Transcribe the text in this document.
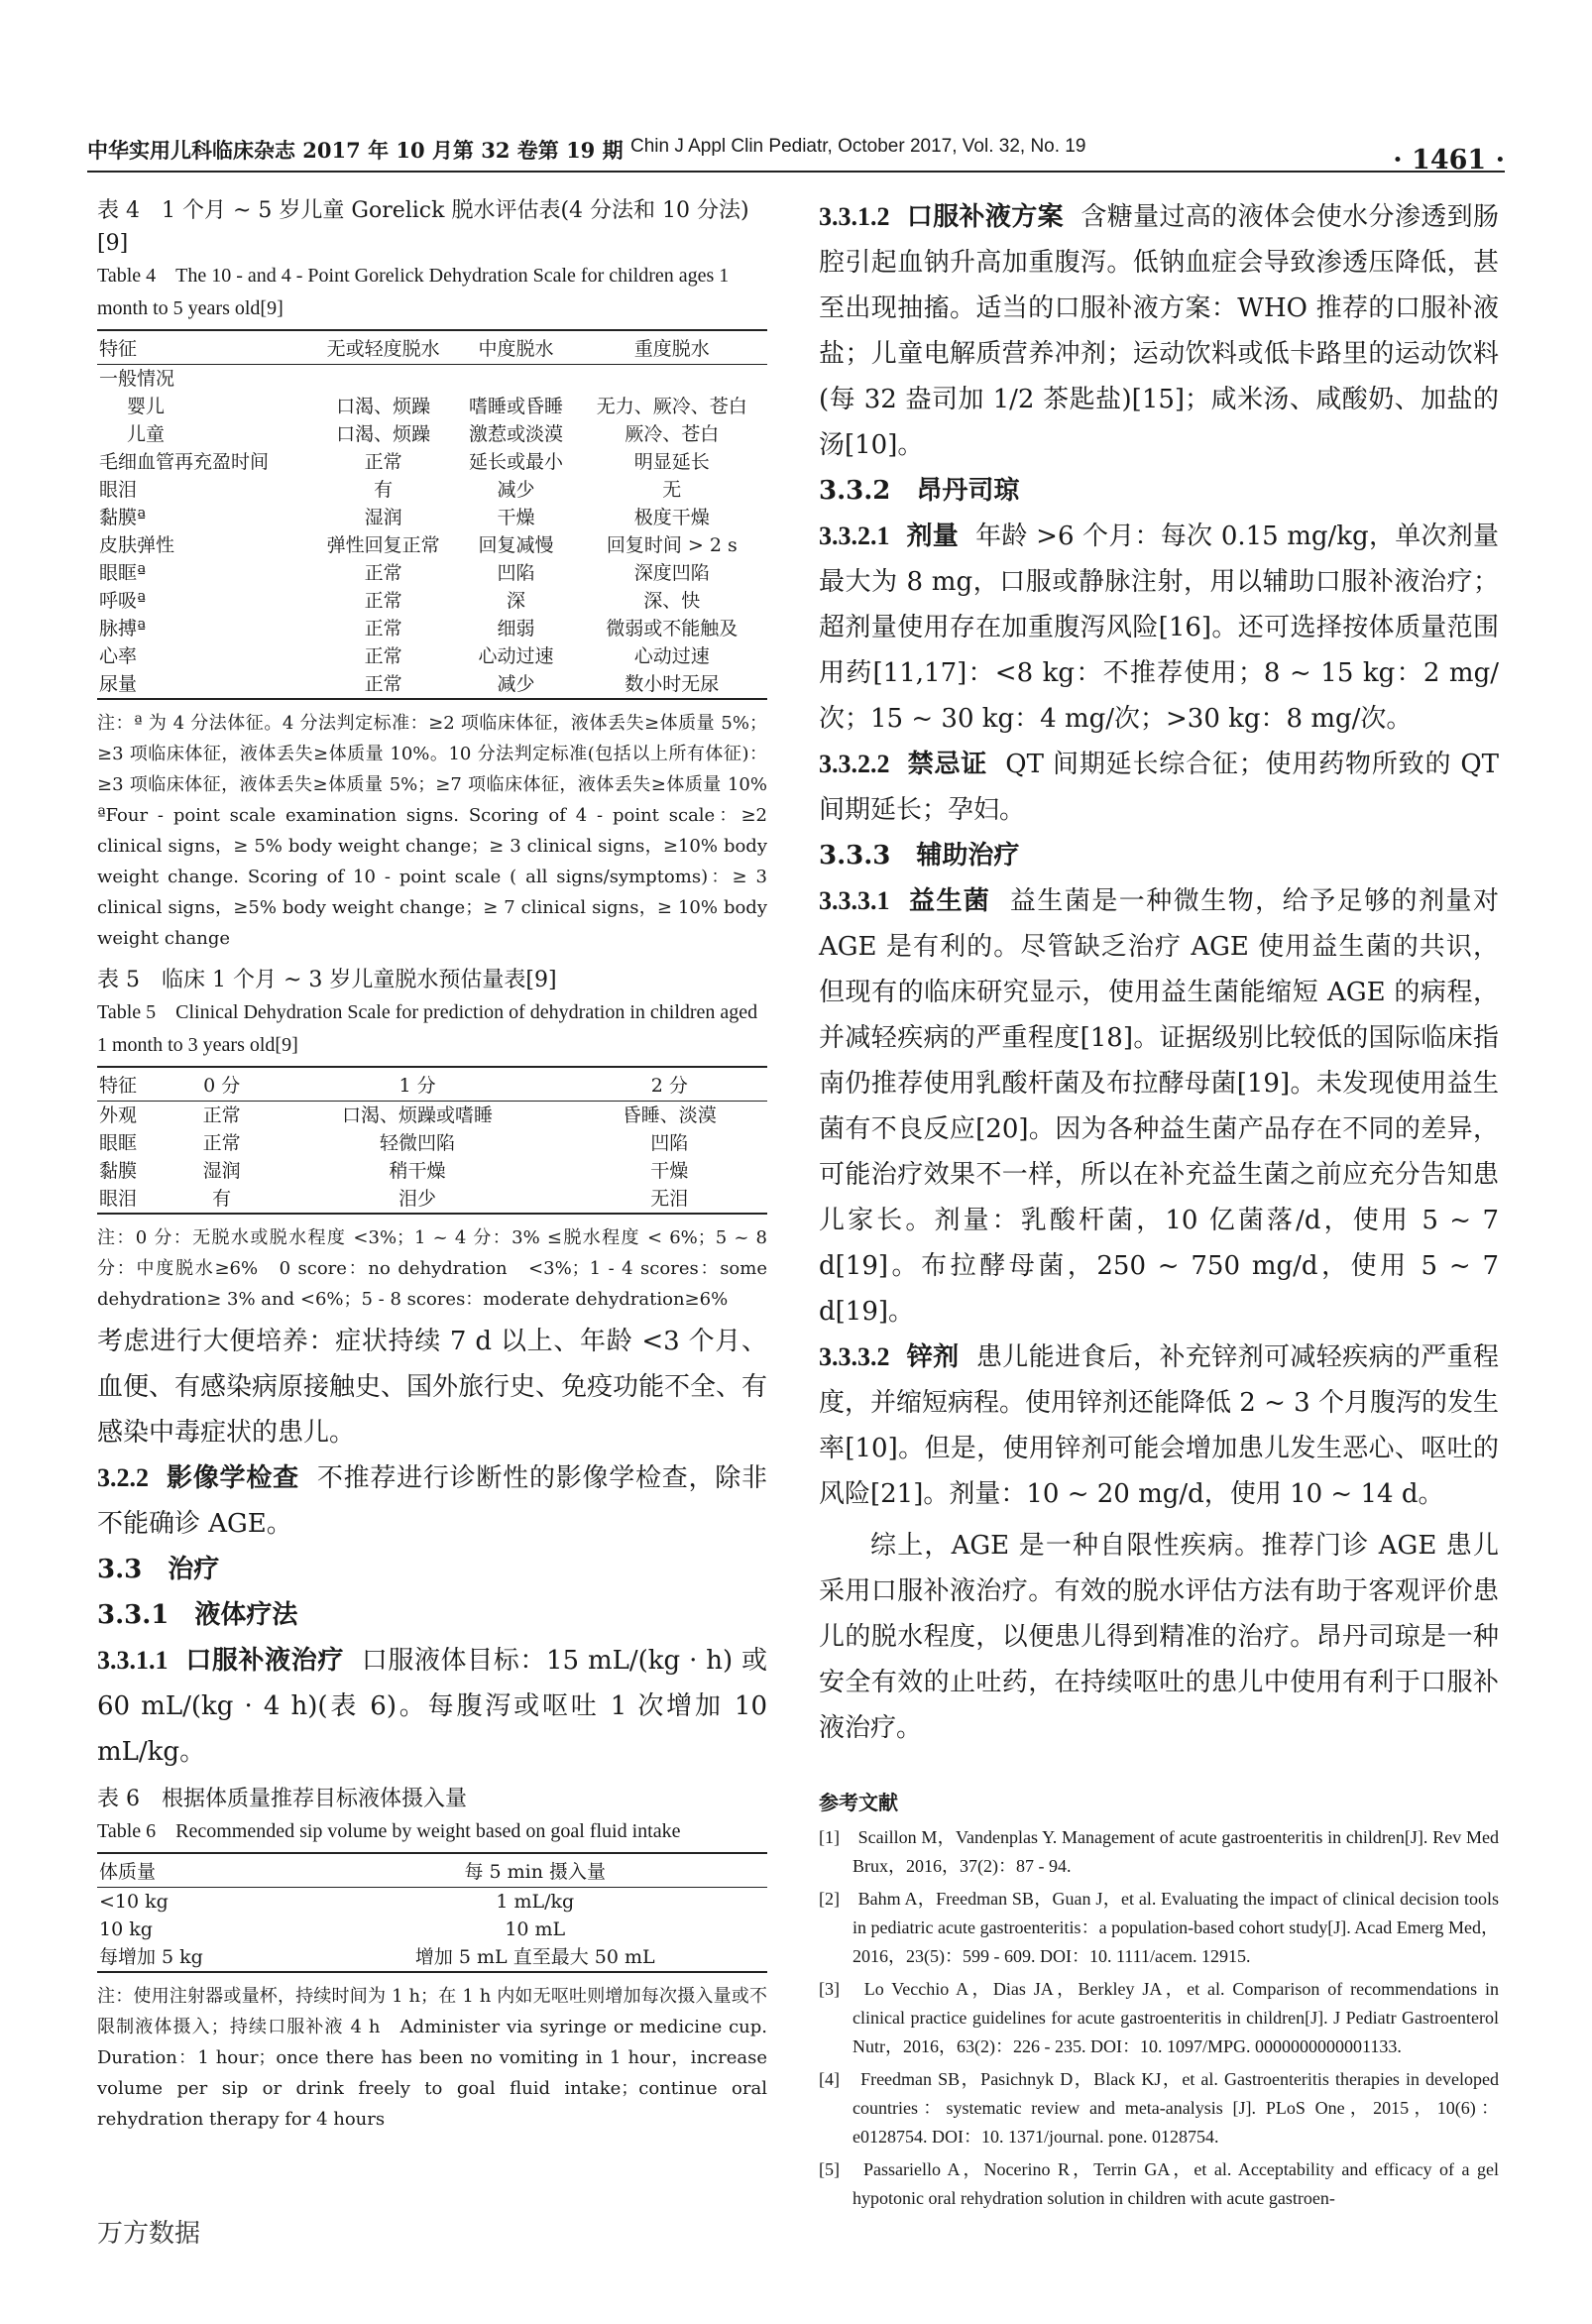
中华实用儿科临床杂志 2017 年 10 月第 32 卷第 19 期 Chin J Appl Clin Pediatr, October 2017, Vol. 32, No. 19	· 1461 ·

表 4　1 个月 ~ 5 岁儿童 Gorelick 脱水评估表(4 分法和 10 分法)[9]

Table 4　The 10 - and 4 - Point Gorelick Dehydration Scale for children ages 1 month to 5 years old[9]

特征	无或轻度脱水	中度脱水	重度脱水
一般情况			
婴儿	口渴、烦躁	嗜睡或昏睡	无力、厥冷、苍白
儿童	口渴、烦躁	激惹或淡漠	厥冷、苍白
毛细血管再充盈时间	正常	延长或最小	明显延长
眼泪	有	减少	无
黏膜ª	湿润	干燥	极度干燥
皮肤弹性	弹性回复正常	回复减慢	回复时间 > 2 s
眼眶ª	正常	凹陷	深度凹陷
呼吸ª	正常	深	深、快
脉搏ª	正常	细弱	微弱或不能触及
心率	正常	心动过速	心动过速
尿量	正常	减少	数小时无尿

注：ª 为 4 分法体征。4 分法判定标准：≥2 项临床体征，液体丢失≥体质量 5%；≥3 项临床体征，液体丢失≥体质量 10%。10 分法判定标准(包括以上所有体征)：≥3 项临床体征，液体丢失≥体质量 5%；≥7 项临床体征，液体丢失≥体质量 10%　ªFour - point scale examination signs. Scoring of 4 - point scale：≥2 clinical signs，≥ 5% body weight change；≥ 3 clinical signs，≥10% body weight change. Scoring of 10 - point scale ( all signs/symptoms)：≥ 3 clinical signs，≥5% body weight change；≥ 7 clinical signs，≥ 10% body weight change

表 5　临床 1 个月 ~ 3 岁儿童脱水预估量表[9]

Table 5　Clinical Dehydration Scale for prediction of dehydration in children aged 1 month to 3 years old[9]

特征	0 分	1 分	2 分
外观	正常	口渴、烦躁或嗜睡	昏睡、淡漠
眼眶	正常	轻微凹陷	凹陷
黏膜	湿润	稍干燥	干燥
眼泪	有	泪少	无泪

注：0 分：无脱水或脱水程度 <3%；1 ~ 4 分：3% ≤脱水程度 < 6%；5 ~ 8 分：中度脱水≥6%　0 score：no dehydration　<3%；1 - 4 scores：some dehydration≥ 3% and <6%；5 - 8 scores：moderate dehydration≥6%

考虑进行大便培养：症状持续 7 d 以上、年龄 <3 个月、血便、有感染病原接触史、国外旅行史、免疫功能不全、有感染中毒症状的患儿。

3.2.2 影像学检查 不推荐进行诊断性的影像学检查，除非不能确诊 AGE。

3.3　治疗

3.3.1　液体疗法

3.3.1.1 口服补液治疗 口服液体目标：15 mL/(kg · h) 或 60 mL/(kg · 4 h)(表 6)。每腹泻或呕吐 1 次增加 10 mL/kg。

表 6　根据体质量推荐目标液体摄入量

Table 6　Recommended sip volume by weight based on goal fluid intake

体质量	每 5 min 摄入量
<10 kg	1 mL/kg
10 kg	10 mL
每增加 5 kg	增加 5 mL 直至最大 50 mL

注：使用注射器或量杯，持续时间为 1 h；在 1 h 内如无呕吐则增加每次摄入量或不限制液体摄入；持续口服补液 4 h　Administer via syringe or medicine cup. Duration：1 hour；once there has been no vomiting in 1 hour，increase volume per sip or drink freely to goal fluid intake；continue oral rehydration therapy for 4 hours

3.3.1.2 口服补液方案 含糖量过高的液体会使水分渗透到肠腔引起血钠升高加重腹泻。低钠血症会导致渗透压降低，甚至出现抽搐。适当的口服补液方案：WHO 推荐的口服补液盐；儿童电解质营养冲剂；运动饮料或低卡路里的运动饮料(每 32 盎司加 1/2 茶匙盐)[15]；咸米汤、咸酸奶、加盐的汤[10]。

3.3.2　昂丹司琼

3.3.2.1 剂量 年龄 >6 个月：每次 0.15 mg/kg，单次剂量最大为 8 mg，口服或静脉注射，用以辅助口服补液治疗；超剂量使用存在加重腹泻风险[16]。还可选择按体质量范围用药[11,17]：<8 kg：不推荐使用；8 ~ 15 kg：2 mg/次；15 ~ 30 kg：4 mg/次；>30 kg：8 mg/次。

3.3.2.2 禁忌证 QT 间期延长综合征；使用药物所致的 QT 间期延长；孕妇。

3.3.3　辅助治疗

3.3.3.1 益生菌 益生菌是一种微生物，给予足够的剂量对 AGE 是有利的。尽管缺乏治疗 AGE 使用益生菌的共识，但现有的临床研究显示，使用益生菌能缩短 AGE 的病程，并减轻疾病的严重程度[18]。证据级别比较低的国际临床指南仍推荐使用乳酸杆菌及布拉酵母菌[19]。未发现使用益生菌有不良反应[20]。因为各种益生菌产品存在不同的差异，可能治疗效果不一样，所以在补充益生菌之前应充分告知患儿家长。剂量：乳酸杆菌，10 亿菌落/d，使用 5 ~ 7 d[19]。布拉酵母菌，250 ~ 750 mg/d，使用 5 ~ 7 d[19]。

3.3.3.2 锌剂 患儿能进食后，补充锌剂可减轻疾病的严重程度，并缩短病程。使用锌剂还能降低 2 ~ 3 个月腹泻的发生率[10]。但是，使用锌剂可能会增加患儿发生恶心、呕吐的风险[21]。剂量：10 ~ 20 mg/d，使用 10 ~ 14 d。

综上，AGE 是一种自限性疾病。推荐门诊 AGE 患儿采用口服补液治疗。有效的脱水评估方法有助于客观评价患儿的脱水程度，以便患儿得到精准的治疗。昂丹司琼是一种安全有效的止吐药，在持续呕吐的患儿中使用有利于口服补液治疗。

参考文献

[1]　Scaillon M，Vandenplas Y. Management of acute gastroenteritis in children[J]. Rev Med Brux，2016，37(2)：87 - 94.

[2]　Bahm A，Freedman SB，Guan J，et al. Evaluating the impact of clinical decision tools in pediatric acute gastroenteritis：a population-based cohort study[J]. Acad Emerg Med，2016，23(5)：599 - 609. DOI：10. 1111/acem. 12915.

[3]　Lo Vecchio A，Dias JA，Berkley JA，et al. Comparison of recommendations in clinical practice guidelines for acute gastroenteritis in children[J]. J Pediatr Gastroenterol Nutr，2016，63(2)：226 - 235. DOI：10. 1097/MPG. 0000000000001133.

[4]　Freedman SB，Pasichnyk D，Black KJ，et al. Gastroenteritis therapies in developed countries：systematic review and meta-analysis [J]. PLoS One，2015，10(6)：e0128754. DOI：10. 1371/journal. pone. 0128754.

[5]　Passariello A，Nocerino R，Terrin GA，et al. Acceptability and efficacy of a gel hypotonic oral rehydration solution in children with acute gastroen-

万方数据
